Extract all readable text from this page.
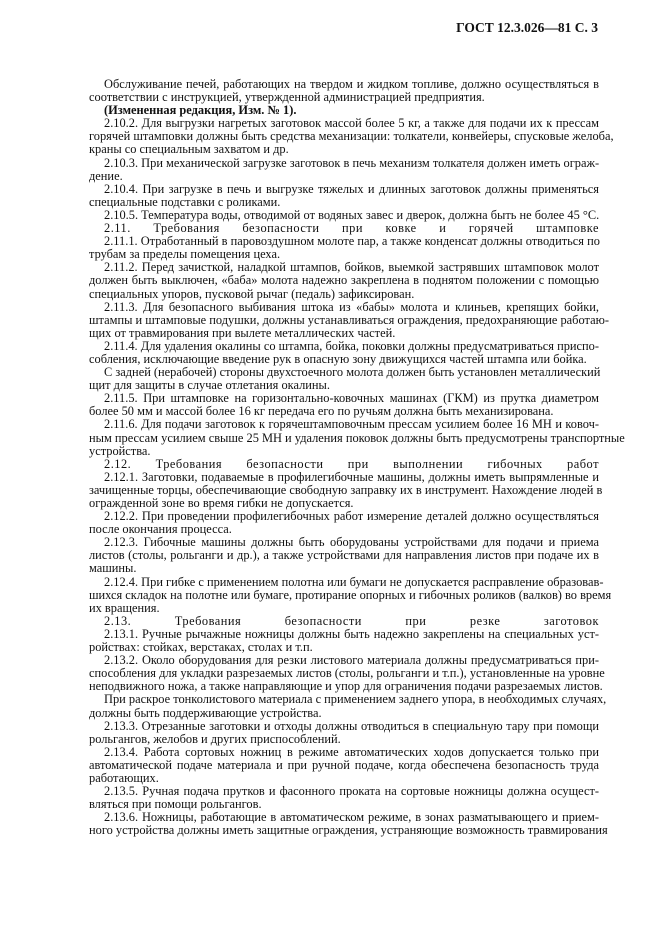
ГОСТ 12.3.026—81 С. 3
Обслуживание печей, работающих на твердом и жидком топливе, должно осуществляться в
соответствии с инструкцией, утвержденной администрацией предприятия.
(Измененная редакция, Изм. № 1).
2.10.2. Для выгрузки нагретых заготовок массой более 5 кг, а также для подачи их к прессам
горячей штамповки должны быть средства механизации: толкатели, конвейеры, спусковые желоба,
краны со специальным захватом и др.
2.10.3. При механической загрузке заготовок в печь механизм толкателя должен иметь ограж-
дение.
2.10.4. При загрузке в печь и выгрузке тяжелых и длинных заготовок должны применяться
специальные подставки с роликами.
2.10.5. Температура воды, отводимой от водяных завес и дверок, должна быть не более 45 °С.
2.11. Требования безопасности при ковке и горячей штамповке
2.11.1. Отработанный в паровоздушном молоте пар, а также конденсат должны отводиться по
трубам за пределы помещения цеха.
2.11.2. Перед зачисткой, наладкой штампов, бойков, выемкой застрявших штамповок молот
должен быть выключен, «баба» молота надежно закреплена в поднятом положении с помощью
специальных упоров, пусковой рычаг (педаль) зафиксирован.
2.11.3. Для безопасного выбивания штока из «бабы» молота и клиньев, крепящих бойки,
штампы и штамповые подушки, должны устанавливаться ограждения, предохраняющие работаю-
щих от травмирования при вылете металлических частей.
2.11.4. Для удаления окалины со штампа, бойка, поковки должны предусматриваться приспо-
собления, исключающие введение рук в опасную зону движущихся частей штампа или бойка.
С задней (нерабочей) стороны двухстоечного молота должен быть установлен металлический
щит для защиты в случае отлетания окалины.
2.11.5. При штамповке на горизонтально-ковочных машинах (ГКМ) из прутка диаметром
более 50 мм и массой более 16 кг передача его по ручьям должна быть механизирована.
2.11.6. Для подачи заготовок к горячештамповочным прессам усилием более 16 МН и ковоч-
ным прессам усилием свыше 25 МН и удаления поковок должны быть предусмотрены транспортные
устройства.
2.12. Требования безопасности при выполнении гибочных работ
2.12.1. Заготовки, подаваемые в профилегибочные машины, должны иметь выпрямленные и
зачищенные торцы, обеспечивающие свободную заправку их в инструмент. Нахождение людей в
огражденной зоне во время гибки не допускается.
2.12.2. При проведении профилегибочных работ измерение деталей должно осуществляться
после окончания процесса.
2.12.3. Гибочные машины должны быть оборудованы устройствами для подачи и приема
листов (столы, рольганги и др.), а также устройствами для направления листов при подаче их в
машины.
2.12.4. При гибке с применением полотна или бумаги не допускается расправление образовав-
шихся складок на полотне или бумаге, протирание опорных и гибочных роликов (валков) во время
их вращения.
2.13. Требования безопасности при резке заготовок
2.13.1. Ручные рычажные ножницы должны быть надежно закреплены на специальных уст-
ройствах: стойках, верстаках, столах и т.п.
2.13.2. Около оборудования для резки листового материала должны предусматриваться при-
способления для укладки разрезаемых листов (столы, рольганги и т.п.), установленные на уровне
неподвижного ножа, а также направляющие и упор для ограничения подачи разрезаемых листов.
При раскрое тонколистового материала с применением заднего упора, в необходимых случаях,
должны быть поддерживающие устройства.
2.13.3. Отрезанные заготовки и отходы должны отводиться в специальную тару при помощи
рольгангов, желобов и других приспособлений.
2.13.4. Работа сортовых ножниц в режиме автоматических ходов допускается только при
автоматической подаче материала и при ручной подаче, когда обеспечена безопасность труда
работающих.
2.13.5. Ручная подача прутков и фасонного проката на сортовые ножницы должна осущест-
вляться при помощи рольгангов.
2.13.6. Ножницы, работающие в автоматическом режиме, в зонах разматывающего и прием-
ного устройства должны иметь защитные ограждения, устраняющие возможность травмирования
